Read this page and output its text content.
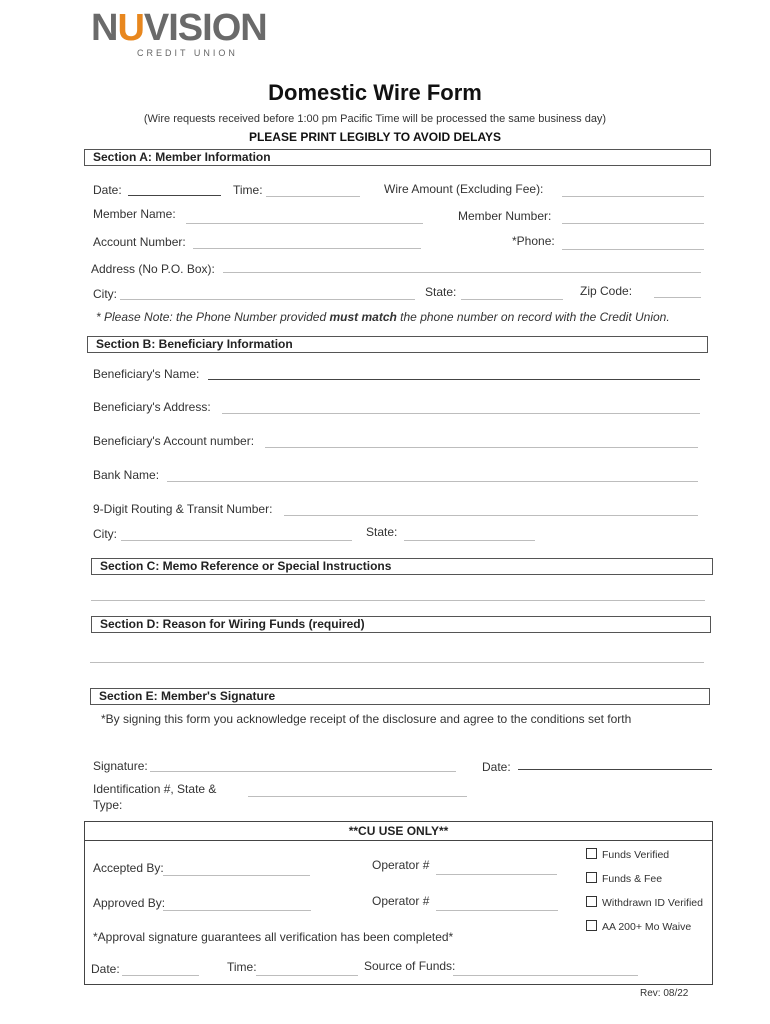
NUVISION
CREDIT UNION
Domestic Wire Form
(Wire requests received before 1:00 pm Pacific Time will be processed the same business day)
PLEASE PRINT LEGIBLY TO AVOID DELAYS
Section A: Member Information
Date:	Time:	Wire Amount (Excluding Fee):
Member Name:	Member Number:
Account Number:	*Phone:
Address (No P.O. Box):
City:	State:	Zip Code:
* Please Note: the Phone Number provided must match the phone number on record with the Credit Union.
Section B: Beneficiary Information
Beneficiary's Name:
Beneficiary's Address:
Beneficiary's Account number:
Bank Name:
9-Digit Routing & Transit Number:
City:	State:
Section C: Memo Reference or Special Instructions
Section D: Reason for Wiring Funds (required)
Section E: Member's Signature
*By signing this form you acknowledge receipt of the disclosure and agree to the conditions set forth
Signature:	Date:
Identification #, State &
Type:
**CU USE ONLY**
Accepted By:	Operator #
Approved By:	Operator #
*Approval signature guarantees all verification has been completed*
Date:	Time:	Source of Funds:
Funds Verified
Funds & Fee
Withdrawn ID Verified
AA 200+ Mo Waive
Rev: 08/22
